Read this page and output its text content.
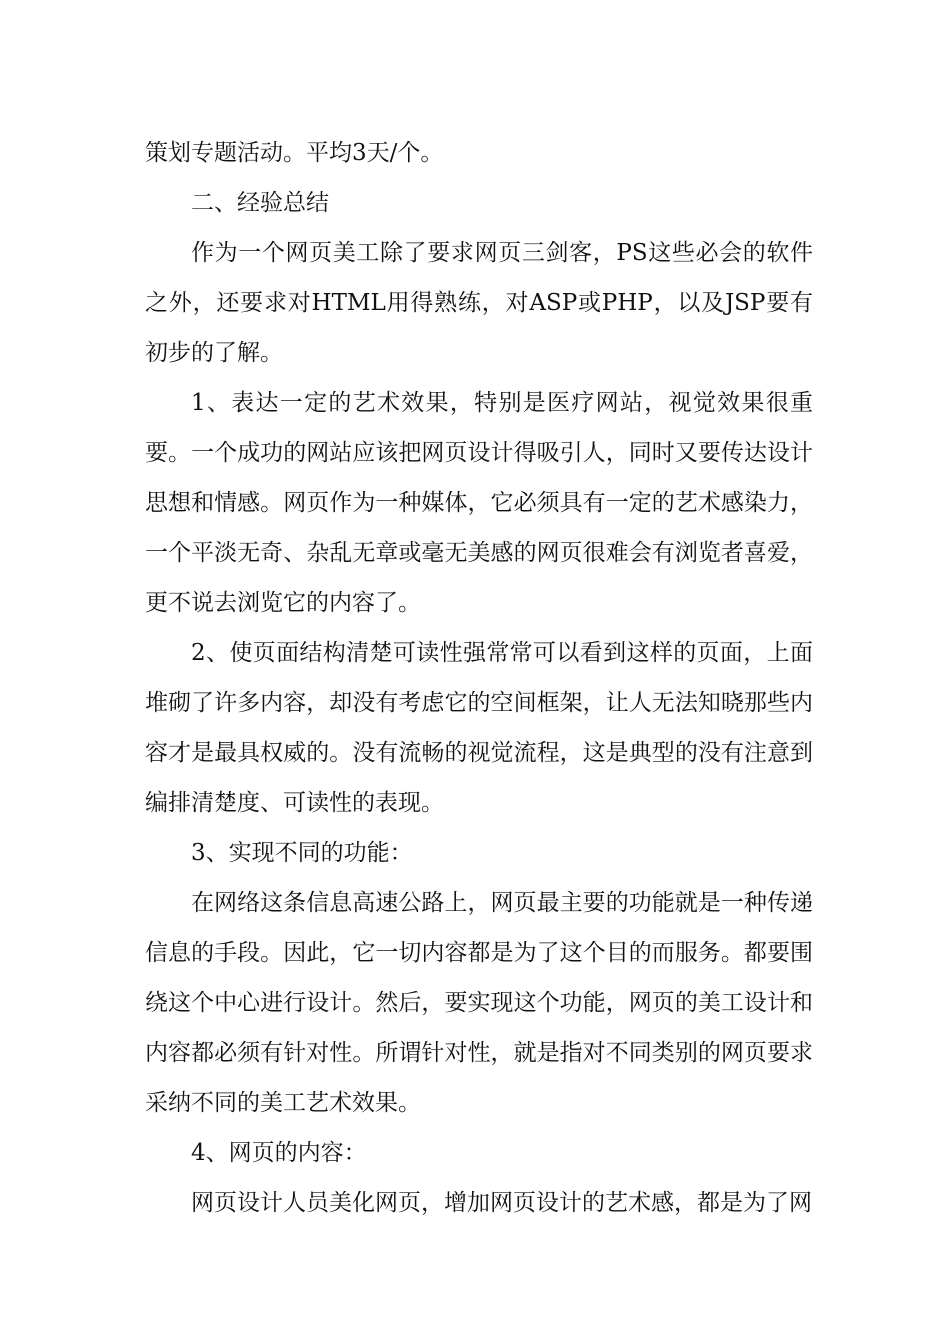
策划专题活动。平均3天/个。

二、经验总结

作为一个网页美工除了要求网页三剑客，PS这些必会的软件之外，还要求对HTML用得熟练，对ASP或PHP，以及JSP要有初步的了解。

1、表达一定的艺术效果，特别是医疗网站，视觉效果很重要。一个成功的网站应该把网页设计得吸引人，同时又要传达设计思想和情感。网页作为一种媒体，它必须具有一定的艺术感染力，一个平淡无奇、杂乱无章或毫无美感的网页很难会有浏览者喜爱，更不说去浏览它的内容了。

2、使页面结构清楚可读性强常常可以看到这样的页面，上面堆砌了许多内容，却没有考虑它的空间框架，让人无法知晓那些内容才是最具权威的。没有流畅的视觉流程，这是典型的没有注意到编排清楚度、可读性的表现。

3、实现不同的功能：

在网络这条信息高速公路上，网页最主要的功能就是一种传递信息的手段。因此，它一切内容都是为了这个目的而服务。都要围绕这个中心进行设计。然后，要实现这个功能，网页的美工设计和内容都必须有针对性。所谓针对性，就是指对不同类别的网页要求采纳不同的美工艺术效果。

4、网页的内容：

网页设计人员美化网页，增加网页设计的艺术感，都是为了网
